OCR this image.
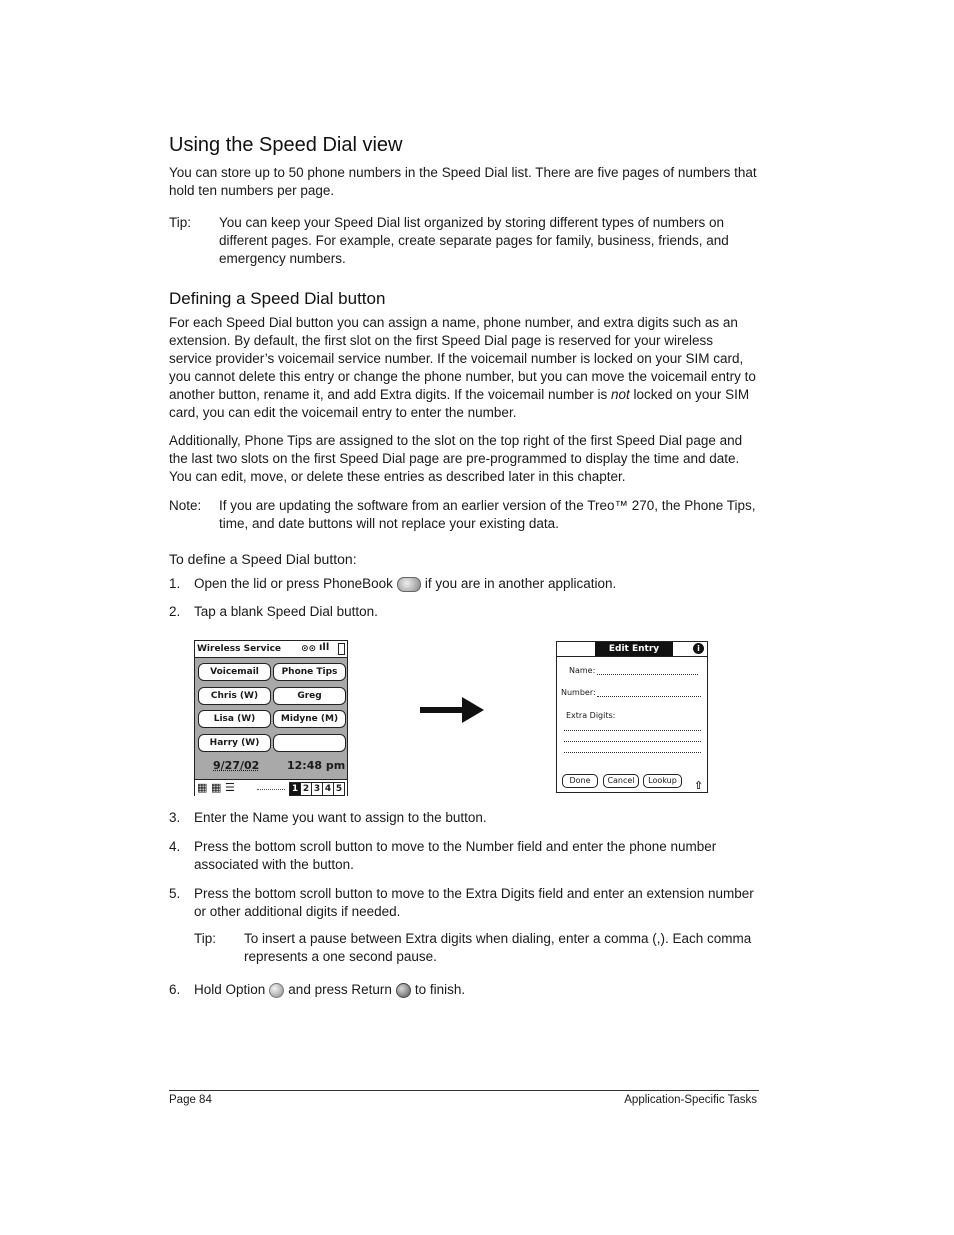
Using the Speed Dial view
You can store up to 50 phone numbers in the Speed Dial list. There are five pages of numbers that hold ten numbers per page.
Tip: You can keep your Speed Dial list organized by storing different types of numbers on different pages. For example, create separate pages for family, business, friends, and emergency numbers.
Defining a Speed Dial button
For each Speed Dial button you can assign a name, phone number, and extra digits such as an extension. By default, the first slot on the first Speed Dial page is reserved for your wireless service provider’s voicemail service number. If the voicemail number is locked on your SIM card, you cannot delete this entry or change the phone number, but you can move the voicemail entry to another button, rename it, and add Extra digits. If the voicemail number is not locked on your SIM card, you can edit the voicemail entry to enter the number.
Additionally, Phone Tips are assigned to the slot on the top right of the first Speed Dial page and the last two slots on the first Speed Dial page are pre-programmed to display the time and date. You can edit, move, or delete these entries as described later in this chapter.
Note: If you are updating the software from an earlier version of the Treo™ 270, the Phone Tips, time, and date buttons will not replace your existing data.
To define a Speed Dial button:
1. Open the lid or press PhoneBook if you are in another application.
2. Tap a blank Speed Dial button.
Wireless Service ⊙⊙ ıll
Voicemail	Phone Tips
Chris (W)	Greg
Lisa (W)	Midyne (M)
Harry (W)
9/27/02	12:48 pm
▦ ▦ ☰	1 2 3 4 5
Edit Entry	i
Name:
Number:
Extra Digits:
Done	Cancel	Lookup	⇧
3. Enter the Name you want to assign to the button.
4. Press the bottom scroll button to move to the Number field and enter the phone number associated with the button.
5. Press the bottom scroll button to move to the Extra Digits field and enter an extension number or other additional digits if needed.
Tip: To insert a pause between Extra digits when dialing, enter a comma (,). Each comma represents a one second pause.
6. Hold Option and press Return to finish.
Page 84	Application-Specific Tasks
